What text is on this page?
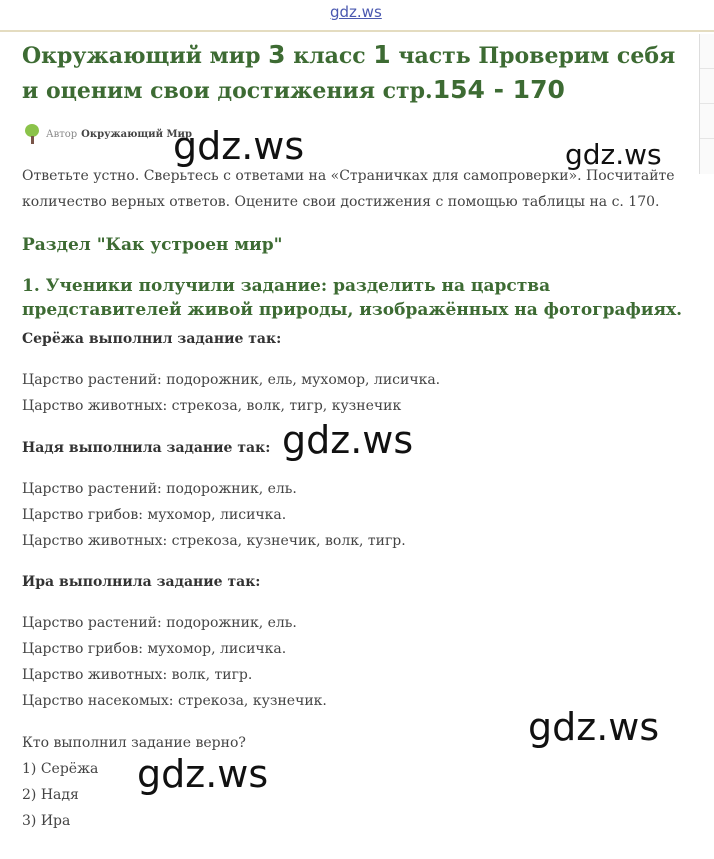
gdz.ws
Окружающий мир 3 класс 1 часть Проверим себя и оценим свои достижения стр.154 - 170
Автор Окружающий Мир
gdz.ws	gdz.ws
Ответьте устно. Сверьтесь с ответами на «Страничках для самопроверки». Посчитайте количество верных ответов. Оцените свои достижения с помощью таблицы на с. 170.
Раздел "Как устроен мир"
1. Ученики получили задание: разделить на царства представителей живой природы, изображённых на фотографиях.
Серёжа выполнил задание так:
Царство растений: подорожник, ель, мухомор, лисичка.
Царство животных: стрекоза, волк, тигр, кузнечик
gdz.ws
Надя выполнила задание так:
Царство растений: подорожник, ель.
Царство грибов: мухомор, лисичка.
Царство животных: стрекоза, кузнечик, волк, тигр.
Ира выполнила задание так:
Царство растений: подорожник, ель.
Царство грибов: мухомор, лисичка.
Царство животных: волк, тигр.
Царство насекомых: стрекоза, кузнечик.
gdz.ws
Кто выполнил задание верно?
1) Серёжа
2) Надя
3) Ира
gdz.ws
